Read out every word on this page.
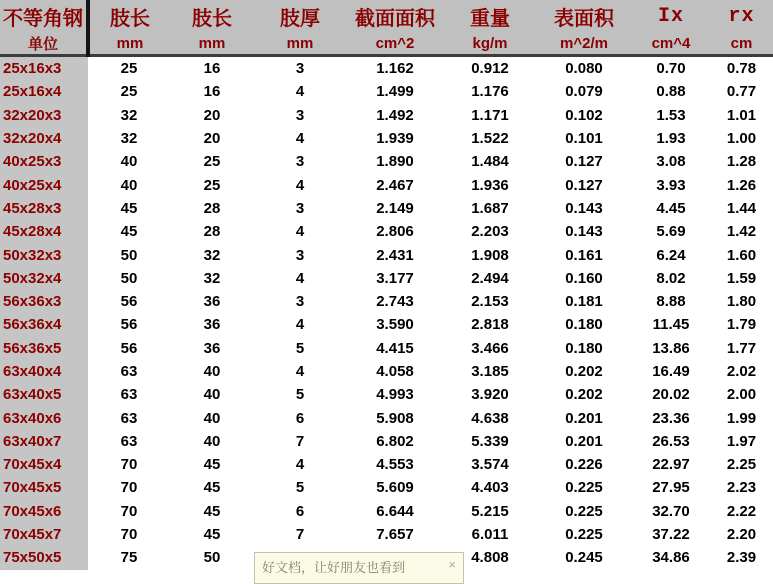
不等角钢	肢长	肢长	肢厚	截面面积	重量	表面积	Ix	rx
单位	mm	mm	mm	cm^2	kg/m	m^2/m	cm^4	cm
25x16x3	25	16	3	1.162	0.912	0.080	0.70	0.78
25x16x4	25	16	4	1.499	1.176	0.079	0.88	0.77
32x20x3	32	20	3	1.492	1.171	0.102	1.53	1.01
32x20x4	32	20	4	1.939	1.522	0.101	1.93	1.00
40x25x3	40	25	3	1.890	1.484	0.127	3.08	1.28
40x25x4	40	25	4	2.467	1.936	0.127	3.93	1.26
45x28x3	45	28	3	2.149	1.687	0.143	4.45	1.44
45x28x4	45	28	4	2.806	2.203	0.143	5.69	1.42
50x32x3	50	32	3	2.431	1.908	0.161	6.24	1.60
50x32x4	50	32	4	3.177	2.494	0.160	8.02	1.59
56x36x3	56	36	3	2.743	2.153	0.181	8.88	1.80
56x36x4	56	36	4	3.590	2.818	0.180	11.45	1.79
56x36x5	56	36	5	4.415	3.466	0.180	13.86	1.77
63x40x4	63	40	4	4.058	3.185	0.202	16.49	2.02
63x40x5	63	40	5	4.993	3.920	0.202	20.02	2.00
63x40x6	63	40	6	5.908	4.638	0.201	23.36	1.99
63x40x7	63	40	7	6.802	5.339	0.201	26.53	1.97
70x45x4	70	45	4	4.553	3.574	0.226	22.97	2.25
70x45x5	70	45	5	5.609	4.403	0.225	27.95	2.23
70x45x6	70	45	6	6.644	5.215	0.225	32.70	2.22
70x45x7	70	45	7	7.657	6.011	0.225	37.22	2.20
75x50x5	75	50			4.808	0.245	34.86	2.39
好文档，让好朋友也看到	×
